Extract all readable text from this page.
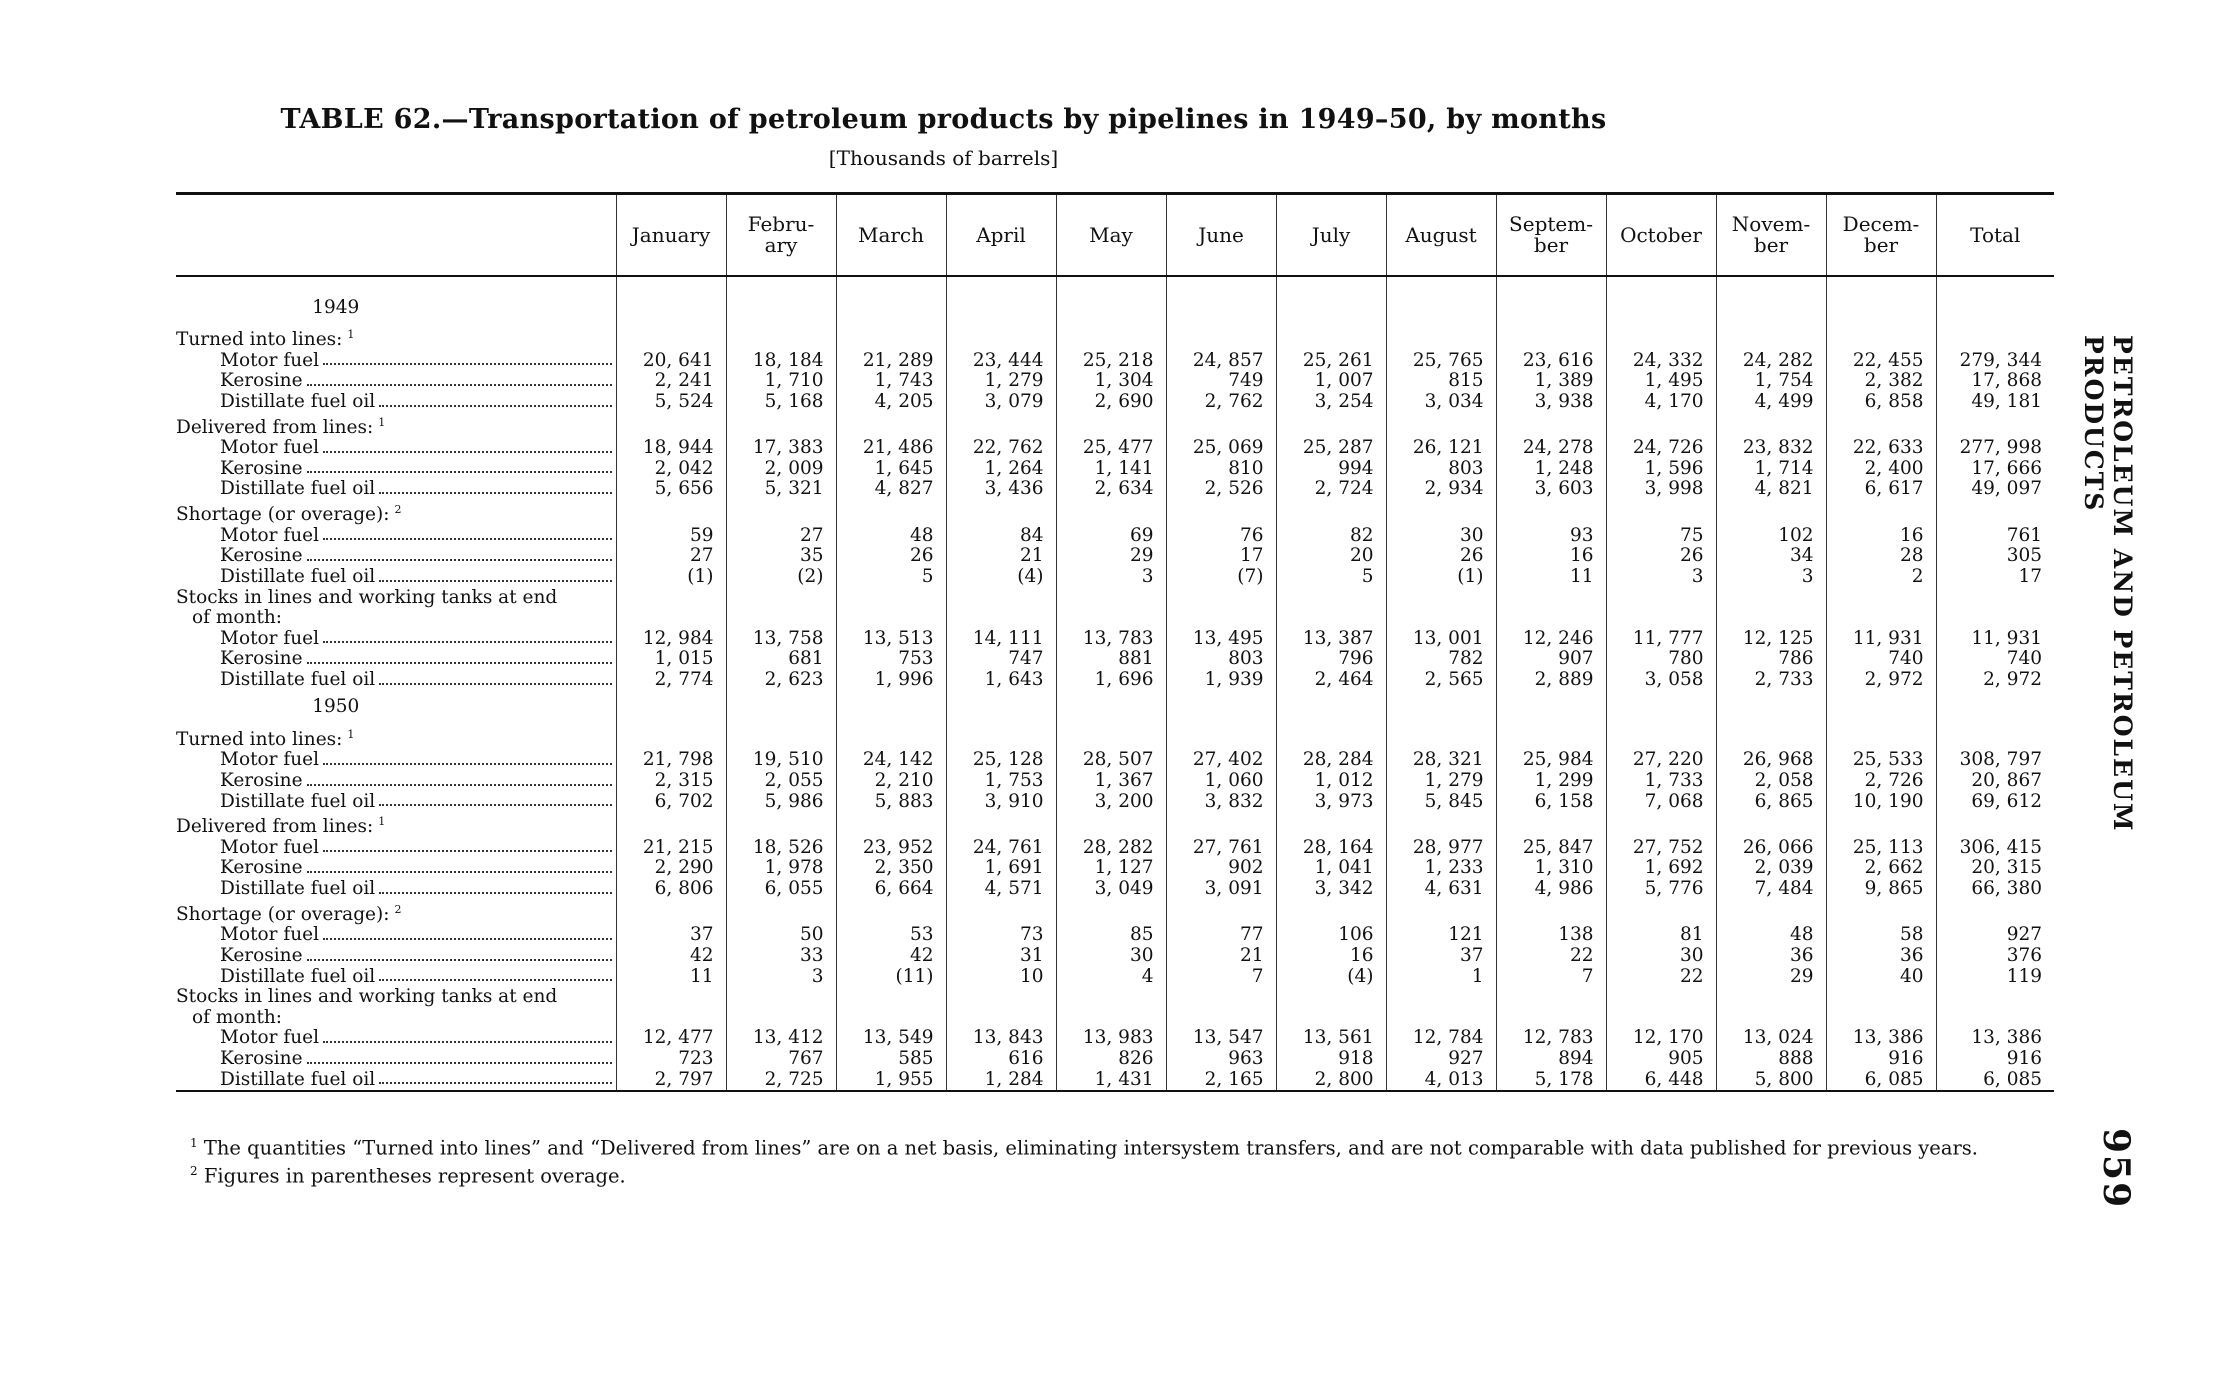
TABLE 62.—Transportation of petroleum products by pipelines in 1949–50, by months
[Thousands of barrels]
	January	Febru- ary	March	April	May	June	July	August	Septem- ber	October	Novem- ber	Decem- ber	Total

1949													
Turned into lines: $^1$													

Motor fuel	20, 641	18, 184	21, 289	23, 444	25, 218	24, 857	25, 261	25, 765	23, 616	24, 332	24, 282	22, 455	279, 344

Kerosine	2, 241	1, 710	1, 743	1, 279	1, 304	749	1, 007	815	1, 389	1, 495	1, 754	2, 382	17, 868

Distillate fuel oil	5, 524	5, 168	4, 205	3, 079	2, 690	2, 762	3, 254	3, 034	3, 938	4, 170	4, 499	6, 858	49, 181
Delivered from lines: $^1$													

Motor fuel	18, 944	17, 383	21, 486	22, 762	25, 477	25, 069	25, 287	26, 121	24, 278	24, 726	23, 832	22, 633	277, 998

Kerosine	2, 042	2, 009	1, 645	1, 264	1, 141	810	994	803	1, 248	1, 596	1, 714	2, 400	17, 666

Distillate fuel oil	5, 656	5, 321	4, 827	3, 436	2, 634	2, 526	2, 724	2, 934	3, 603	3, 998	4, 821	6, 617	49, 097
Shortage (or overage): $^2$													

Motor fuel	59	27	48	84	69	76	82	30	93	75	102	16	761

Kerosine	27	35	26	21	29	17	20	26	16	26	34	28	305

Distillate fuel oil	(1)	(2)	5	(4)	3	(7)	5	(1)	11	3	3	2	17
Stocks in lines and working tanks at end													
of month:													

Motor fuel	12, 984	13, 758	13, 513	14, 111	13, 783	13, 495	13, 387	13, 001	12, 246	11, 777	12, 125	11, 931	11, 931

Kerosine	1, 015	681	753	747	881	803	796	782	907	780	786	740	740

Distillate fuel oil	2, 774	2, 623	1, 996	1, 643	1, 696	1, 939	2, 464	2, 565	2, 889	3, 058	2, 733	2, 972	2, 972
1950													
Turned into lines: $^1$													

Motor fuel	21, 798	19, 510	24, 142	25, 128	28, 507	27, 402	28, 284	28, 321	25, 984	27, 220	26, 968	25, 533	308, 797

Kerosine	2, 315	2, 055	2, 210	1, 753	1, 367	1, 060	1, 012	1, 279	1, 299	1, 733	2, 058	2, 726	20, 867

Distillate fuel oil	6, 702	5, 986	5, 883	3, 910	3, 200	3, 832	3, 973	5, 845	6, 158	7, 068	6, 865	10, 190	69, 612
Delivered from lines: $^1$													

Motor fuel	21, 215	18, 526	23, 952	24, 761	28, 282	27, 761	28, 164	28, 977	25, 847	27, 752	26, 066	25, 113	306, 415

Kerosine	2, 290	1, 978	2, 350	1, 691	1, 127	902	1, 041	1, 233	1, 310	1, 692	2, 039	2, 662	20, 315

Distillate fuel oil	6, 806	6, 055	6, 664	4, 571	3, 049	3, 091	3, 342	4, 631	4, 986	5, 776	7, 484	9, 865	66, 380
Shortage (or overage): $^2$													

Motor fuel	37	50	53	73	85	77	106	121	138	81	48	58	927

Kerosine	42	33	42	31	30	21	16	37	22	30	36	36	376

Distillate fuel oil	11	3	(11)	10	4	7	(4)	1	7	22	29	40	119
Stocks in lines and working tanks at end													
of month:													

Motor fuel	12, 477	13, 412	13, 549	13, 843	13, 983	13, 547	13, 561	12, 784	12, 783	12, 170	13, 024	13, 386	13, 386

Kerosine	723	767	585	616	826	963	918	927	894	905	888	916	916

Distillate fuel oil	2, 797	2, 725	1, 955	1, 284	1, 431	2, 165	2, 800	4, 013	5, 178	6, 448	5, 800	6, 085	6, 085
$^1$ The quantities “Turned into lines” and “Delivered from lines” are on a net basis, eliminating intersystem transfers, and are not comparable with data published for previous years.
$^2$ Figures in parentheses represent overage.
PETROLEUM AND PETROLEUM PRODUCTS
959
